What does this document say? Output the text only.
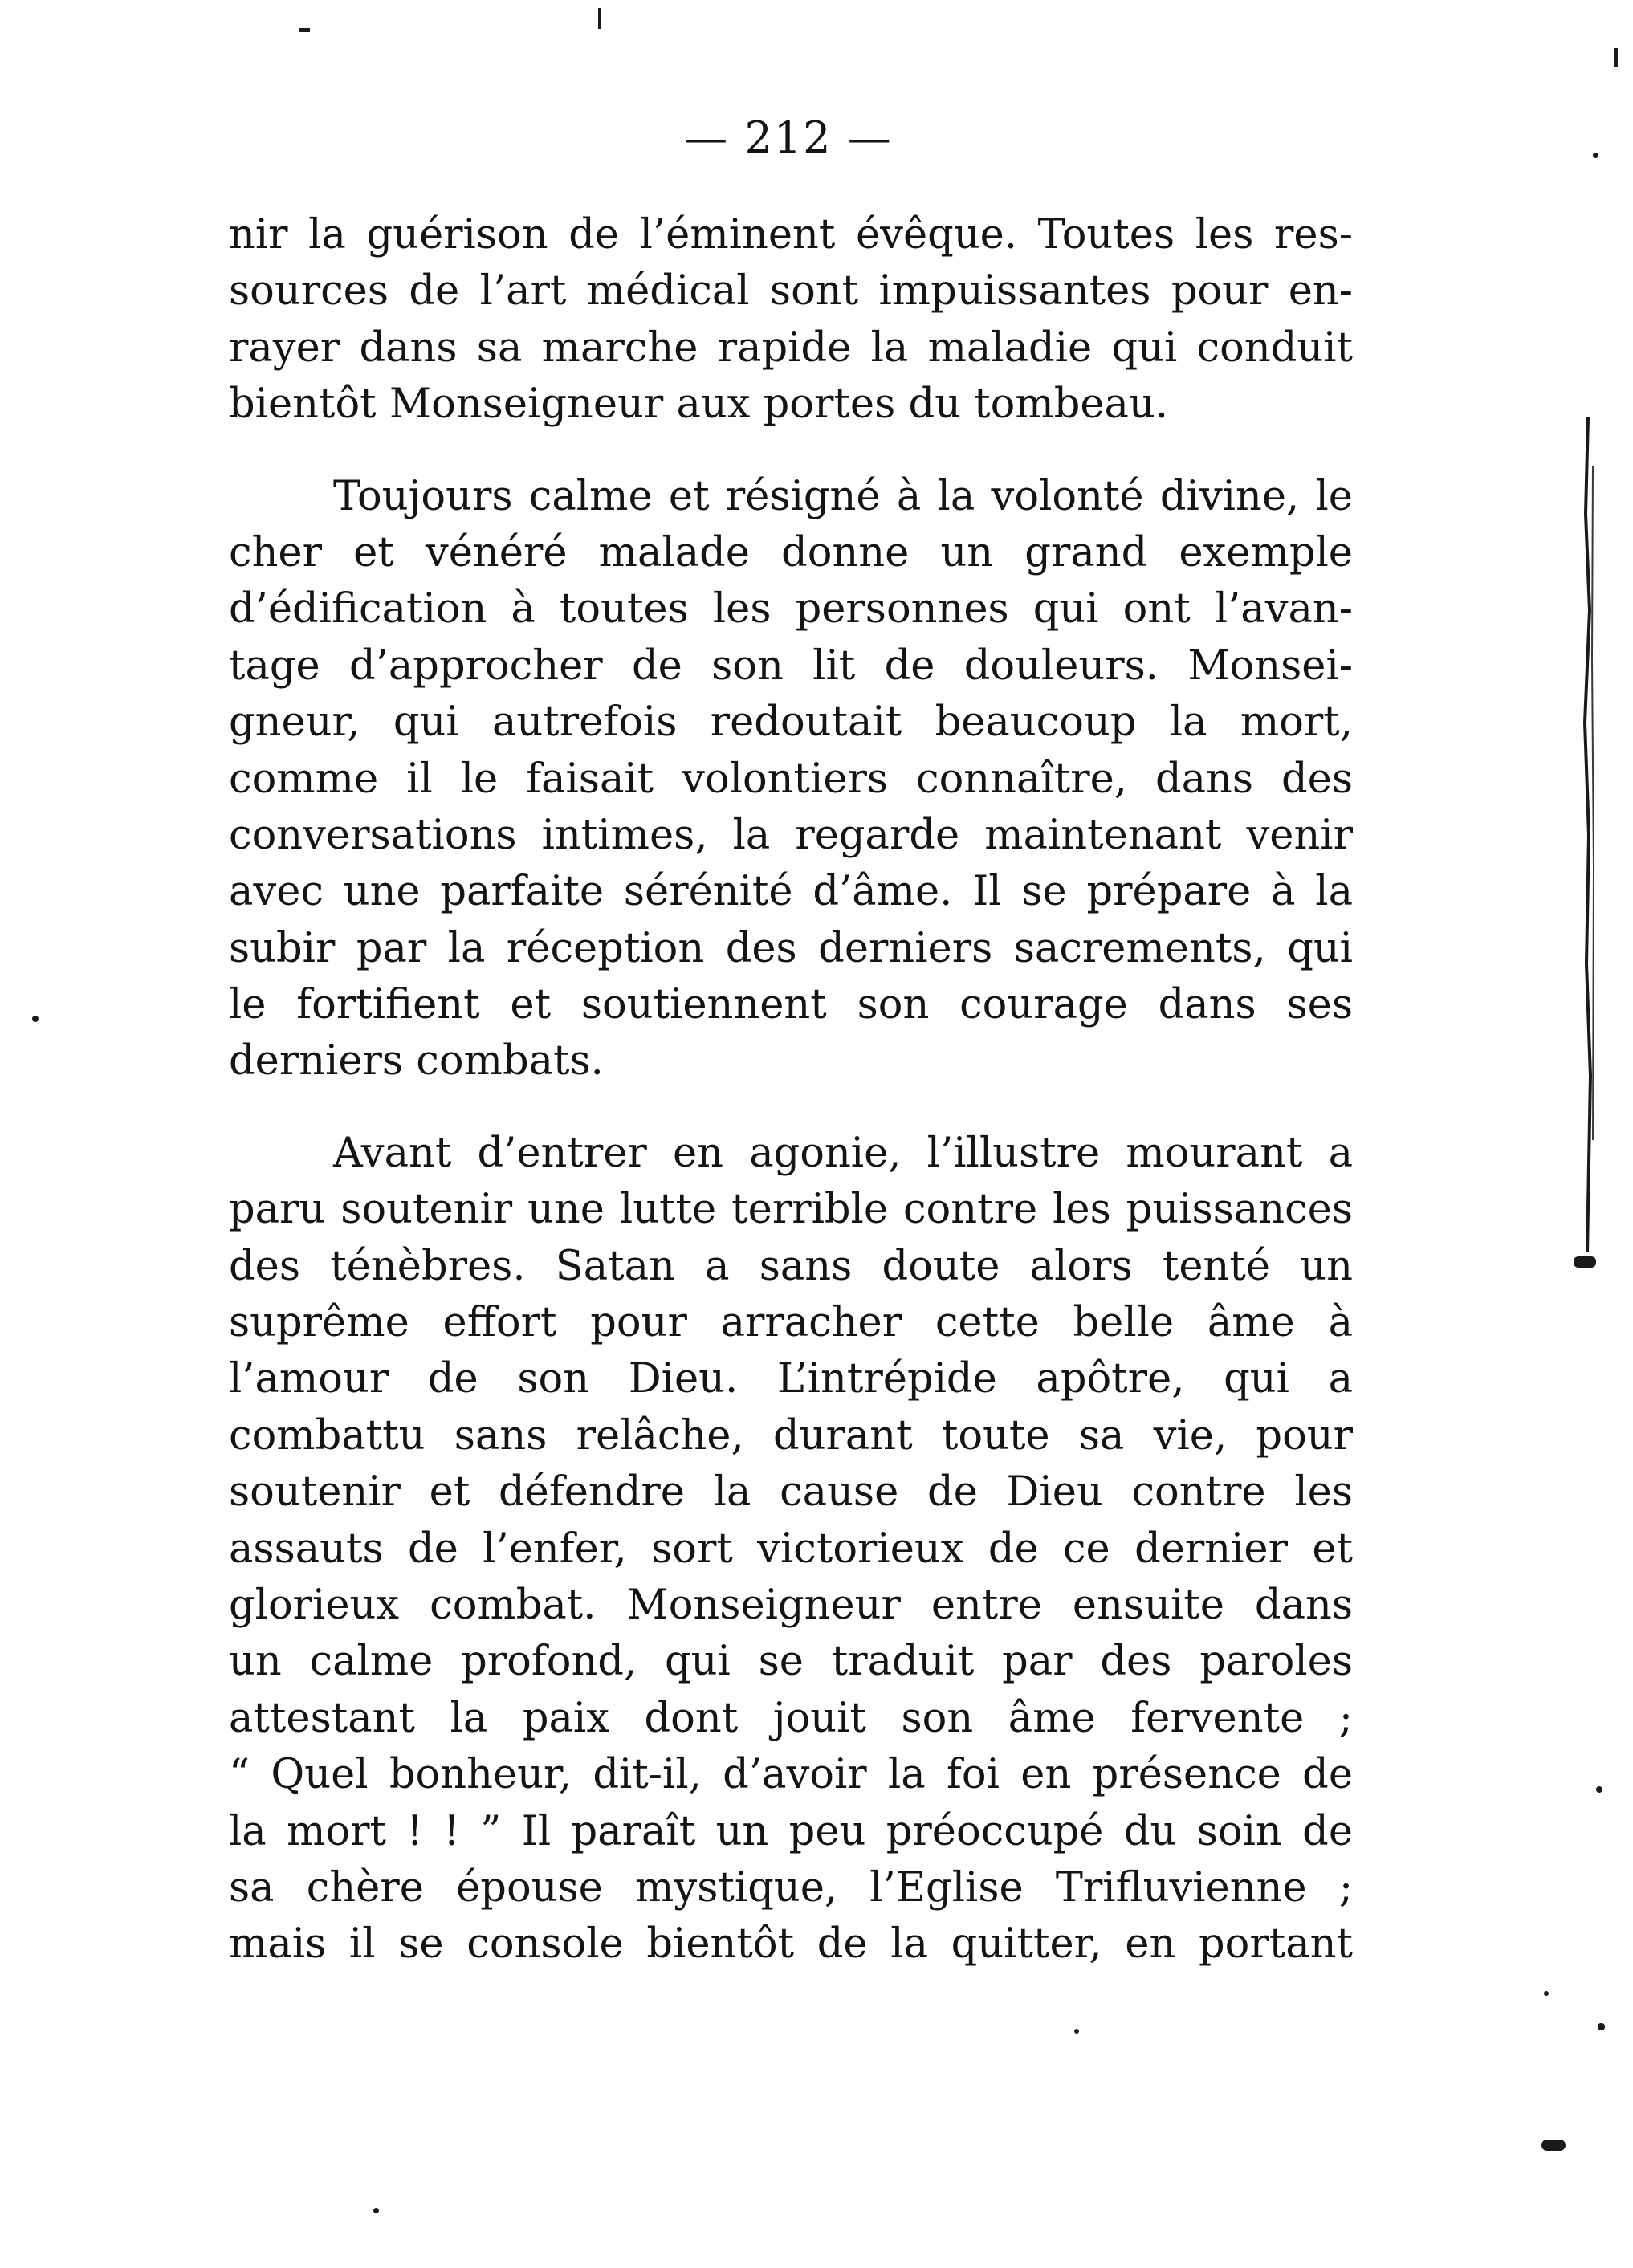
— 212 —
nir la guérison de l’éminent évêque. Toutes les res-
sources de l’art médical sont impuissantes pour en-
rayer dans sa marche rapide la maladie qui conduit
bientôt Monseigneur aux portes du tombeau.
Toujours calme et résigné à la volonté divine, le
cher et vénéré malade donne un grand exemple
d’édification à toutes les personnes qui ont l’avan-
tage d’approcher de son lit de douleurs. Monsei-
gneur, qui autrefois redoutait beaucoup la mort,
comme il le faisait volontiers connaître, dans des
conversations intimes, la regarde maintenant venir
avec une parfaite sérénité d’âme. Il se prépare à la
subir par la réception des derniers sacrements, qui
le fortifient et soutiennent son courage dans ses
derniers combats.
Avant d’entrer en agonie, l’illustre mourant a
paru soutenir une lutte terrible contre les puissances
des ténèbres. Satan a sans doute alors tenté un
suprême effort pour arracher cette belle âme à
l’amour de son Dieu. L’intrépide apôtre, qui a
combattu sans relâche, durant toute sa vie, pour
soutenir et défendre la cause de Dieu contre les
assauts de l’enfer, sort victorieux de ce dernier et
glorieux combat. Monseigneur entre ensuite dans
un calme profond, qui se traduit par des paroles
attestant la paix dont jouit son âme fervente ;
“ Quel bonheur, dit-il, d’avoir la foi en présence de
la mort ! ! ” Il paraît un peu préoccupé du soin de
sa chère épouse mystique, l’Eglise Trifluvienne ;
mais il se console bientôt de la quitter, en portant
